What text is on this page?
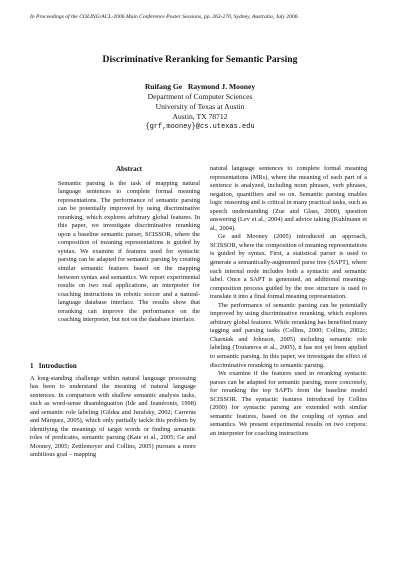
In Proceedings of the COLING/ACL-2006 Main Conference Poster Sessions, pp. 263-270, Sydney, Australia, July 2006.
Discriminative Reranking for Semantic Parsing
Ruifang Ge   Raymond J. Mooney
Department of Computer Sciences
University of Texas at Austin
Austin, TX 78712
{grf,mooney}@cs.utexas.edu
Abstract

Semantic parsing is the task of mapping natural language sentences to complete formal meaning representations. The performance of semantic parsing can be potentially improved by using discriminative reranking, which explores arbitrary global features. In this paper, we investigate discriminative reranking upon a baseline semantic parser, SCISSOR, where the composition of meaning representations is guided by syntax. We examine if features used for syntactic parsing can be adapted for semantic parsing by creating similar semantic features based on the mapping between syntax and semantics. We report experimental results on two real applications, an interpreter for coaching instructions in robotic soccer and a natural-language database interface. The results show that reranking can improve the performance on the coaching interpreter, but not on the database interface.

1   Introduction

A long-standing challenge within natural language processing has been to understand the meaning of natural language sentences. In comparison with shallow semantic analysis tasks, such as word-sense disambiguation (Ide and Jeanéronis, 1998) and semantic role labeling (Gildea and Jurafsky, 2002; Carreras and Màrquez, 2005), which only partially tackle this problem by identifying the meanings of target words or finding semantic roles of predicates, semantic parsing (Kate et al., 2005; Ge and Mooney, 2005; Zettlemoyer and Collins, 2005) pursues a more ambitious goal – mapping

natural language sentences to complete formal meaning representations (MRs), where the meaning of each part of a sentence is analyzed, including noun phrases, verb phrases, negation, quantifiers and so on. Semantic parsing enables logic reasoning and is critical in many practical tasks, such as speech understanding (Zue and Glass, 2000), question answering (Lev et al., 2004) and advice taking (Kuhlmann et al., 2004).

Ge and Mooney (2005) introduced an approach, SCISSOR, where the composition of meaning representations is guided by syntax. First, a statistical parser is used to generate a semantically-augmented parse tree (SAPT), where each internal node includes both a syntactic and semantic label. Once a SAPT is generated, an additional meaning-composition process guided by the tree structure is used to translate it into a final formal meaning representation.

The performance of semantic parsing can be potentially improved by using discriminative reranking, which explores arbitrary global features. While reranking has benefited many tagging and parsing tasks (Collins, 2000; Collins, 2002c; Charniak and Johnson, 2005) including semantic role labeling (Toutanova et al., 2005), it has not yet been applied to semantic parsing. In this paper, we investigate the effect of discriminative reranking to semantic parsing.

We examine if the features used in reranking syntactic parses can be adapted for semantic parsing, more concretely, for reranking the top SAPTs from the baseline model SCISSOR. The syntactic features introduced by Collins (2000) for syntactic parsing are extended with similar semantic features, based on the coupling of syntax and semantics. We present experimental results on two corpora: an interpreter for coaching instructions
